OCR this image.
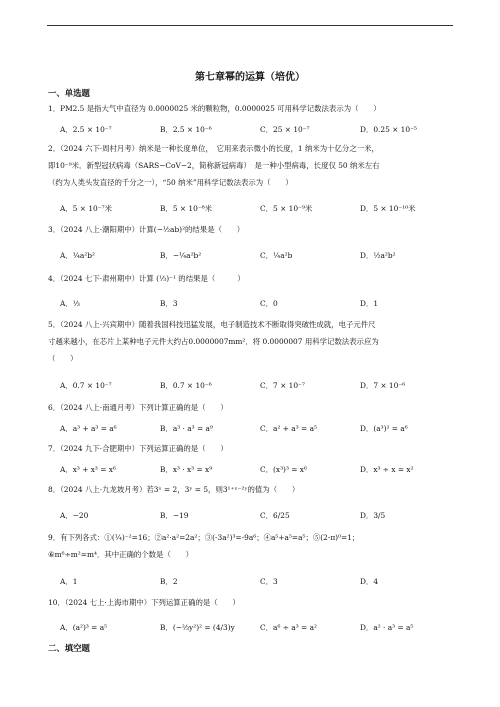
第七章幂的运算（培优）
一、单选题
1．PM2.5 是指大气中直径为 0.0000025 米的颗粒物，0.0000025 可用科学记数法表示为（　　）
A．2.5 × 10⁻⁷	B．2.5 × 10⁻⁶	C．25 × 10⁻⁷	D．0.25 × 10⁻⁵
2．（2024 六下·周村月考）纳米是一种长度单位，　它用来表示微小的长度，1 纳米为十亿分之一米，
即10⁻⁹米．新型冠状病毒（SARS−CoV−2，简称新冠病毒）　是一种小型病毒，长度仅 50 纳米左右
（约为人类头发直径的千分之一），“50 纳米”用科学记数法表示为（　　）
A．5 × 10⁻⁷米	B．5 × 10⁻⁸米	C．5 × 10⁻⁹米	D．5 × 10⁻¹⁰米
3．（2024 八上·潮阳期中）计算(−½ab)²的结果是（　　）
A．¼a²b²	B．−¼a²b²	C．¼a²b	D．½a²b²
4．（2024 七下·肃州期中）计算 (⅓)⁻¹ 的结果是（　　　）
A．⅓	B．3	C．0	D．1
5．（2024 八上·兴宾期中）随着我国科技迅猛发展，电子制造技术不断取得突破性成就，电子元件尺
寸越来越小，在芯片上某种电子元件大约占0.0000007mm²．将 0.0000007 用科学记数法表示应为
（　　）
A．0.7 × 10⁻⁷	B．0.7 × 10⁻⁶	C．7 × 10⁻⁷	D．7 × 10⁻⁶
6．（2024 八上·南通月考）下列计算正确的是（　　）
A．a³ + a³ = a⁶	B．a³ · a³ = a⁹	C．a² + a³ = a⁵	D．(a³)² = a⁶
7．（2024 九下·合肥期中）下列运算正确的是（　　）
A．x³ + x³ = x⁶	B．x³ · x³ = x⁹	C．(x³)³ = x⁶	D．x³ ÷ x = x²
8．（2024 八上·九龙坡月考）若3ˣ = 2，3ʸ = 5，则3¹⁺ˣ⁻²ʸ的值为（　　）
A．−20	B．−19	C．6/25	D．3/5
9．有下列各式：①(¼)⁻²=16；②a²·a²=2a²；③(-3a²)³=-9a⁶；④a⁵+a⁵=a⁵；⑤(2-π)⁰=1；
⑥m⁶÷m²=m⁴．其中正确的个数是（　　）
A．1	B．2	C．3	D．4
10．（2024 七上·上海市期中）下列运算正确的是（　　）
A．(a²)³ = a⁵	B．(−⅔y²)² = (4/3)y	C．a⁶ ÷ a³ = a²	D．a² · a³ = a⁵
二、填空题
